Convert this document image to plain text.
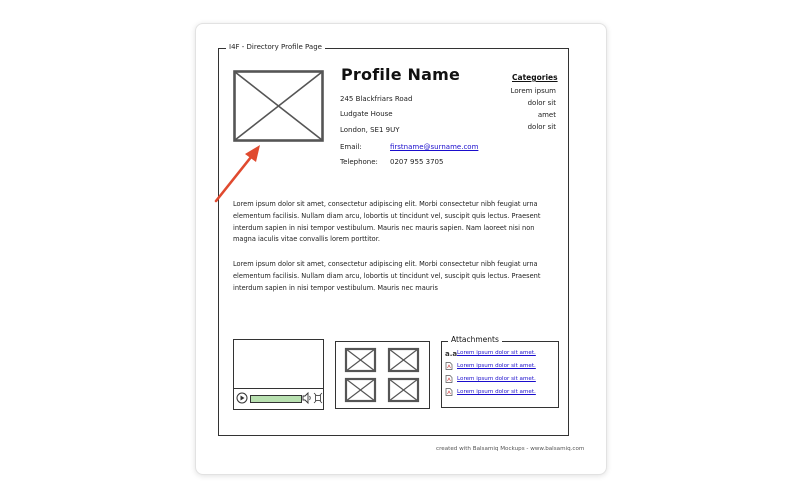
I4F - Directory Profile Page
Profile Name
245 Blackfriars Road
Ludgate House
London, SE1 9UY
Email:	firstname@surname.com
Telephone: 0207 955 3705
Categories
Lorem ipsum
dolor sit
amet
dolor sit

Lorem ipsum dolor sit amet, consectetur adipiscing elit. Morbi consectetur nibh feugiat urna elementum facilisis. Nullam diam arcu, lobortis ut tincidunt vel, suscipit quis lectus. Praesent interdum sapien in nisi tempor vestibulum. Mauris nec mauris sapien. Nam laoreet nisi non magna iaculis vitae convallis lorem porttitor.

Lorem ipsum dolor sit amet, consectetur adipiscing elit. Morbi consectetur nibh feugiat urna elementum facilisis. Nullam diam arcu, lobortis ut tincidunt vel, suscipit quis lectus. Praesent interdum sapien in nisi tempor vestibulum. Mauris nec mauris

Attachments
a.a Lorem ipsum dolor sit amet.
Lorem ipsum dolor sit amet.
Lorem ipsum dolor sit amet.
Lorem ipsum dolor sit amet.
created with Balsamiq Mockups - www.balsamiq.com
